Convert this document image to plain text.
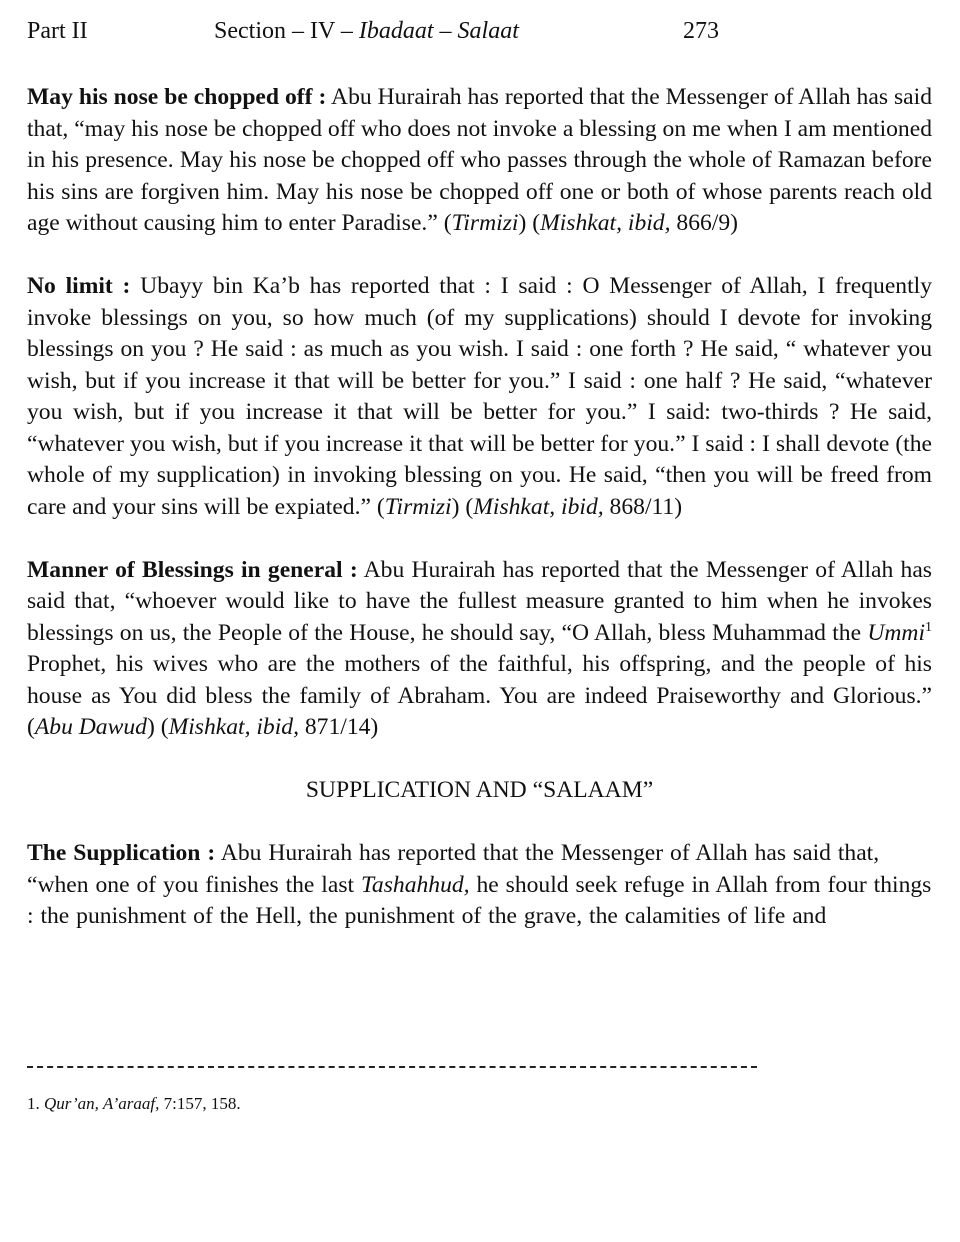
Part II	Section – IV – Ibadaat – Salaat	273

May his nose be chopped off : Abu Hurairah has reported that the Messenger of Allah has said that, “may his nose be chopped off who does not invoke a blessing on me when I am mentioned in his presence. May his nose be chopped off who passes through the whole of Ramazan before his sins are forgiven him. May his nose be chopped off one or both of whose parents reach old age without causing him to enter Paradise.” (Tirmizi) (Mishkat, ibid, 866/9)

No limit : Ubayy bin Ka’b has reported that : I said : O Messenger of Allah, I frequently invoke blessings on you, so how much (of my supplications) should I devote for invoking blessings on you ? He said : as much as you wish. I said : one forth ? He said, “ whatever you wish, but if you increase it that will be better for you.” I said : one half ? He said, “whatever you wish, but if you increase it that will be better for you.” I said: two-thirds ? He said, “whatever you wish, but if you increase it that will be better for you.” I said : I shall devote (the whole of my supplication) in invoking blessing on you. He said, “then you will be freed from care and your sins will be expiated.” (Tirmizi) (Mishkat, ibid, 868/11)

Manner of Blessings in general : Abu Hurairah has reported that the Messenger of Allah has said that, “whoever would like to have the fullest measure granted to him when he invokes blessings on us, the People of the House, he should say, “O Allah, bless Muhammad the Ummi$^1$ Prophet, his wives who are the mothers of the faithful, his offspring, and the people of his house as You did bless the family of Abraham. You are indeed Praiseworthy and Glorious.” (Abu Dawud) (Mishkat, ibid, 871/14)

SUPPLICATION AND “SALAAM”

The Supplication : Abu Hurairah has reported that the Messenger of Allah has said that, “when one of you finishes the last Tashahhud, he should seek refuge in Allah from four things : the punishment of the Hell, the punishment of the grave, the calamities of life and

1. Qur’an, A’araaf, 7:157, 158.
